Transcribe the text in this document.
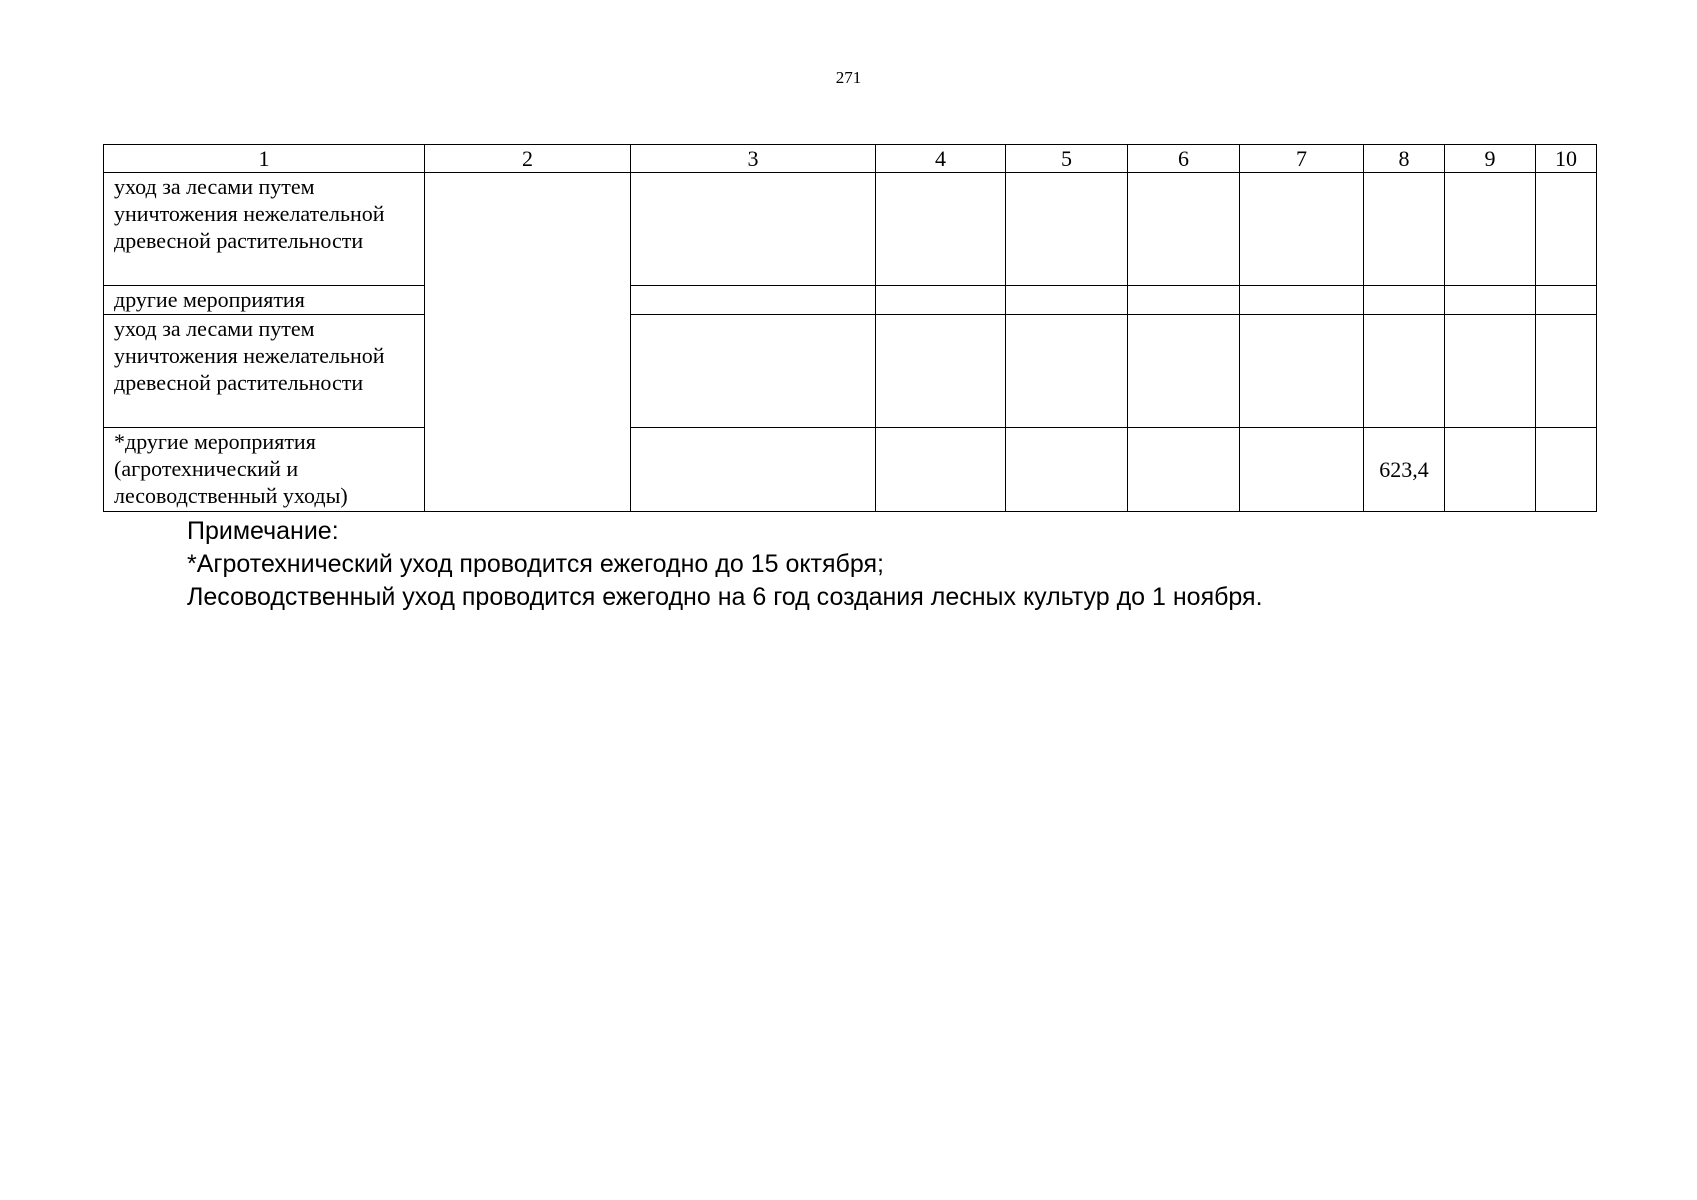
271
1	2	3	4	5	6	7	8	9	10
уход за лесами путем уничтожения нежелательной древесной растительности									
другие мероприятия									
уход за лесами путем уничтожения нежелательной древесной растительности									
*другие мероприятия (агротехнический и лесоводственный уходы)							623,4		
Примечание:
*Агротехнический уход проводится ежегодно до 15 октября;
Лесоводственный уход проводится ежегодно на 6 год создания лесных культур до 1 ноября.
